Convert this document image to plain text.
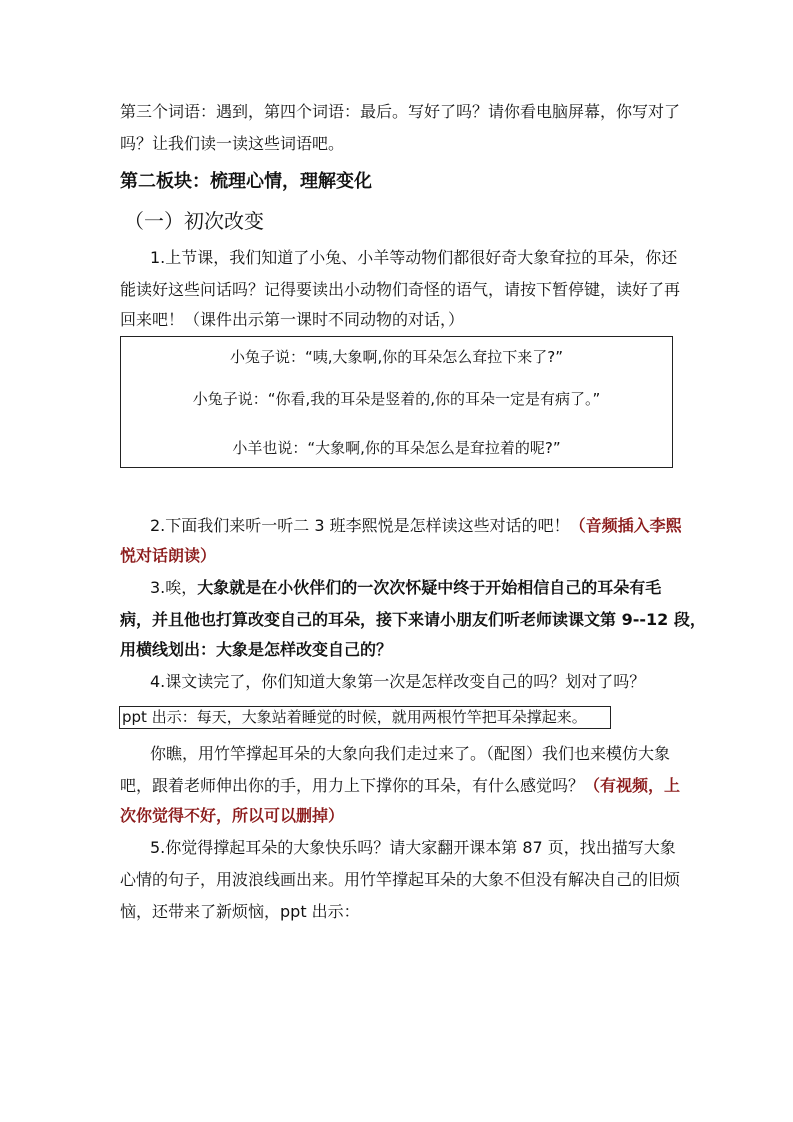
第三个词语：遇到，第四个词语：最后。写好了吗？请你看电脑屏幕，你写对了
吗？让我们读一读这些词语吧。
第二板块：梳理心情，理解变化
（一）初次改变
1.上节课，我们知道了小兔、小羊等动物们都很好奇大象耷拉的耳朵，你还
能读好这些问话吗？记得要读出小动物们奇怪的语气，请按下暂停键，读好了再
回来吧！（课件出示第一课时不同动物的对话，）
小兔子说：“咦,大象啊,你的耳朵怎么耷拉下来了?”
小兔子说：“你看,我的耳朵是竖着的,你的耳朵一定是有病了。”
小羊也说：“大象啊,你的耳朵怎么是耷拉着的呢?”
2.下面我们来听一听二 3 班李熙悦是怎样读这些对话的吧！（音频插入李熙
悦对话朗读）
3.唉，大象就是在小伙伴们的一次次怀疑中终于开始相信自己的耳朵有毛
病，并且他也打算改变自己的耳朵，接下来请小朋友们听老师读课文第 9--12 段，
用横线划出：大象是怎样改变自己的？
4.课文读完了，你们知道大象第一次是怎样改变自己的吗？划对了吗？
ppt 出示：每天，大象站着睡觉的时候，就用两根竹竿把耳朵撑起来。
你瞧，用竹竿撑起耳朵的大象向我们走过来了。（配图）我们也来模仿大象
吧，跟着老师伸出你的手，用力上下撑你的耳朵，有什么感觉吗？（有视频，上
次你觉得不好，所以可以删掉）
5.你觉得撑起耳朵的大象快乐吗？请大家翻开课本第 87 页，找出描写大象
心情的句子，用波浪线画出来。用竹竿撑起耳朵的大象不但没有解决自己的旧烦
恼，还带来了新烦恼，ppt 出示：
